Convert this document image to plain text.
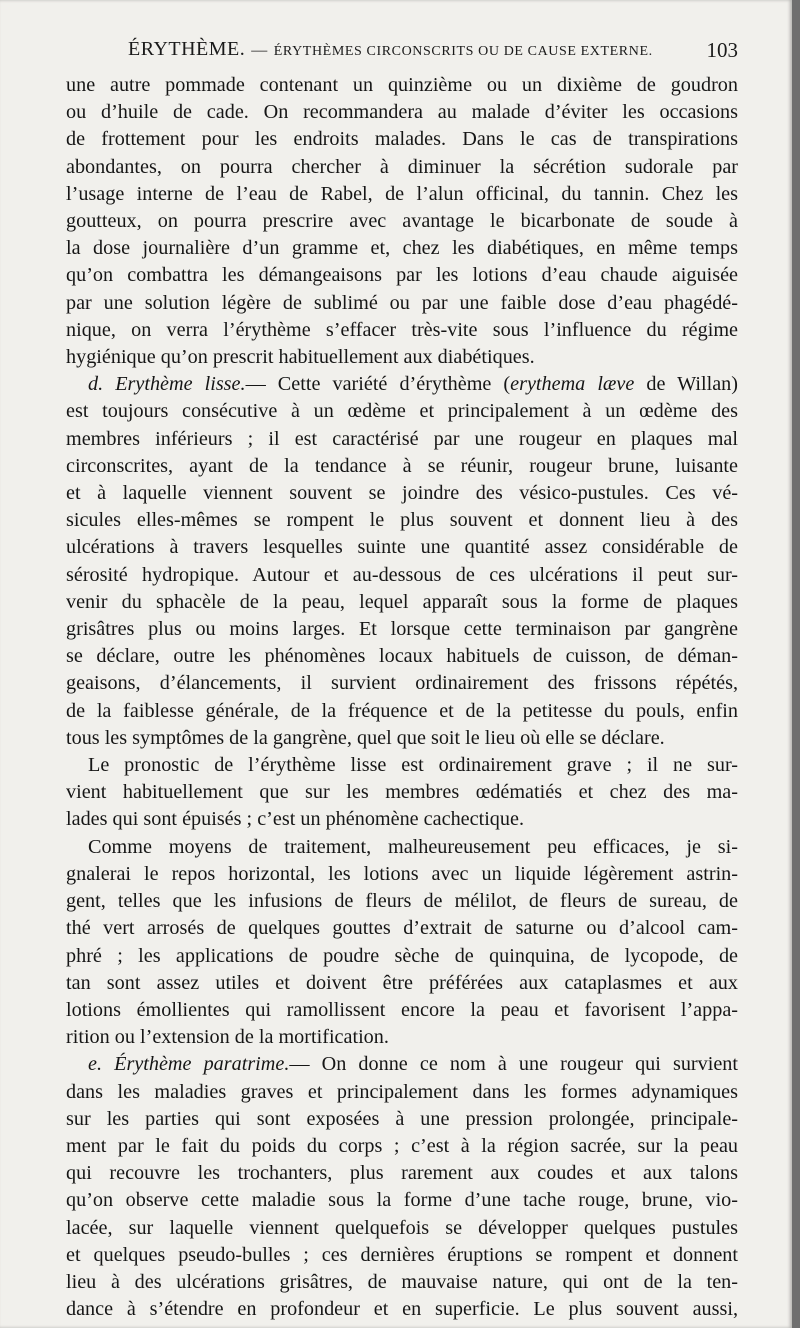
ÉRYTHÈME. — ÉRYTHÈMES CIRCONSCRITS OU DE CAUSE EXTERNE.	103
une autre pommade contenant un quinzième ou un dixième de goudron
ou d’huile de cade. On recommandera au malade d’éviter les occasions
de frottement pour les endroits malades. Dans le cas de transpirations
abondantes, on pourra chercher à diminuer la sécrétion sudorale par
l’usage interne de l’eau de Rabel, de l’alun officinal, du tannin. Chez les
goutteux, on pourra prescrire avec avantage le bicarbonate de soude à
la dose journalière d’un gramme et, chez les diabétiques, en même temps
qu’on combattra les démangeaisons par les lotions d’eau chaude aiguisée
par une solution légère de sublimé ou par une faible dose d’eau phagédé-
nique, on verra l’érythème s’effacer très-vite sous l’influence du régime
hygiénique qu’on prescrit habituellement aux diabétiques.
d. Erythème lisse.— Cette variété d’érythème (erythema læve de Willan)
est toujours consécutive à un œdème et principalement à un œdème des
membres inférieurs ; il est caractérisé par une rougeur en plaques mal
circonscrites, ayant de la tendance à se réunir, rougeur brune, luisante
et à laquelle viennent souvent se joindre des vésico-pustules. Ces vé-
sicules elles-mêmes se rompent le plus souvent et donnent lieu à des
ulcérations à travers lesquelles suinte une quantité assez considérable de
sérosité hydropique. Autour et au-dessous de ces ulcérations il peut sur-
venir du sphacèle de la peau, lequel apparaît sous la forme de plaques
grisâtres plus ou moins larges. Et lorsque cette terminaison par gangrène
se déclare, outre les phénomènes locaux habituels de cuisson, de déman-
geaisons, d’élancements, il survient ordinairement des frissons répétés,
de la faiblesse générale, de la fréquence et de la petitesse du pouls, enfin
tous les symptômes de la gangrène, quel que soit le lieu où elle se déclare.
Le pronostic de l’érythème lisse est ordinairement grave ; il ne sur-
vient habituellement que sur les membres œdématiés et chez des ma-
lades qui sont épuisés ; c’est un phénomène cachectique.
Comme moyens de traitement, malheureusement peu efficaces, je si-
gnalerai le repos horizontal, les lotions avec un liquide légèrement astrin-
gent, telles que les infusions de fleurs de mélilot, de fleurs de sureau, de
thé vert arrosés de quelques gouttes d’extrait de saturne ou d’alcool cam-
phré ; les applications de poudre sèche de quinquina, de lycopode, de
tan sont assez utiles et doivent être préférées aux cataplasmes et aux
lotions émollientes qui ramollissent encore la peau et favorisent l’appa-
rition ou l’extension de la mortification.
e. Érythème paratrime.— On donne ce nom à une rougeur qui survient
dans les maladies graves et principalement dans les formes adynamiques
sur les parties qui sont exposées à une pression prolongée, principale-
ment par le fait du poids du corps ; c’est à la région sacrée, sur la peau
qui recouvre les trochanters, plus rarement aux coudes et aux talons
qu’on observe cette maladie sous la forme d’une tache rouge, brune, vio-
lacée, sur laquelle viennent quelquefois se développer quelques pustules
et quelques pseudo-bulles ; ces dernières éruptions se rompent et donnent
lieu à des ulcérations grisâtres, de mauvaise nature, qui ont de la ten-
dance à s’étendre en profondeur et en superficie. Le plus souvent aussi,
